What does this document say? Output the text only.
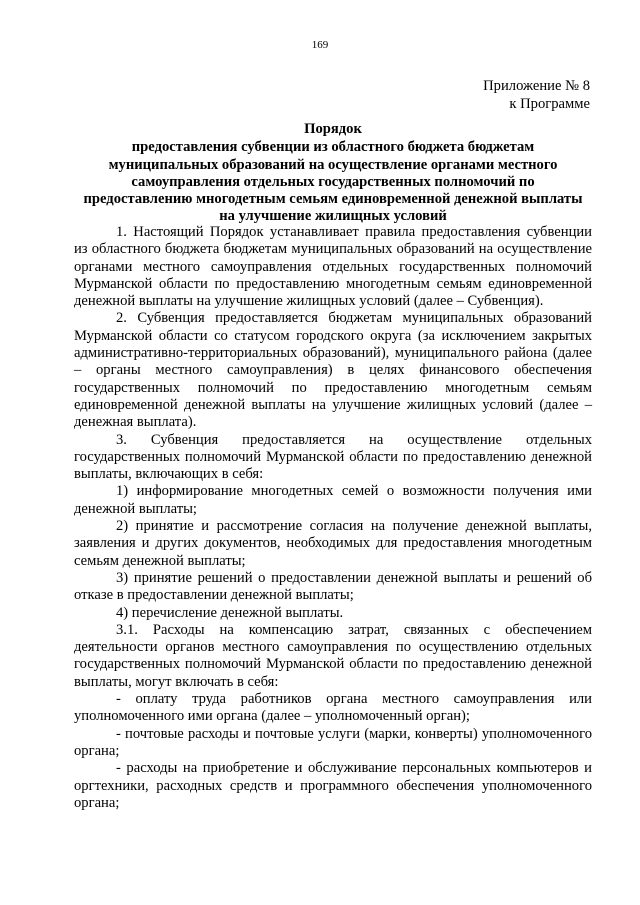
169
Приложение № 8
к Программе
Порядок
предоставления субвенции из областного бюджета бюджетам
муниципальных образований на осуществление органами местного
самоуправления отдельных государственных полномочий по
предоставлению многодетным семьям единовременной денежной выплаты
на улучшение жилищных условий

1. Настоящий Порядок устанавливает правила предоставления субвенции из областного бюджета бюджетам муниципальных образований на осуществление органами местного самоуправления отдельных государственных полномочий Мурманской области по предоставлению многодетным семьям единовременной денежной выплаты на улучшение жилищных условий (далее – Субвенция).

2. Субвенция предоставляется бюджетам муниципальных образований Мурманской области со статусом городского округа (за исключением закрытых административно-территориальных образований), муниципального района (далее – органы местного самоуправления) в целях финансового обеспечения государственных полномочий по предоставлению многодетным семьям единовременной денежной выплаты на улучшение жилищных условий (далее – денежная выплата).

3. Субвенция предоставляется на осуществление отдельных государственных полномочий Мурманской области по предоставлению денежной выплаты, включающих в себя:

1) информирование многодетных семей о возможности получения ими денежной выплаты;

2) принятие и рассмотрение согласия на получение денежной выплаты, заявления и других документов, необходимых для предоставления многодетным семьям денежной выплаты;

3) принятие решений о предоставлении денежной выплаты и решений об отказе в предоставлении денежной выплаты;

4) перечисление денежной выплаты.

3.1. Расходы на компенсацию затрат, связанных с обеспечением деятельности органов местного самоуправления по осуществлению отдельных государственных полномочий Мурманской области по предоставлению денежной выплаты, могут включать в себя:

- оплату труда работников органа местного самоуправления или уполномоченного ими органа (далее – уполномоченный орган);

- почтовые расходы и почтовые услуги (марки, конверты) уполномоченного органа;

- расходы на приобретение и обслуживание персональных компьютеров и оргтехники, расходных средств и программного обеспечения уполномоченного органа;
